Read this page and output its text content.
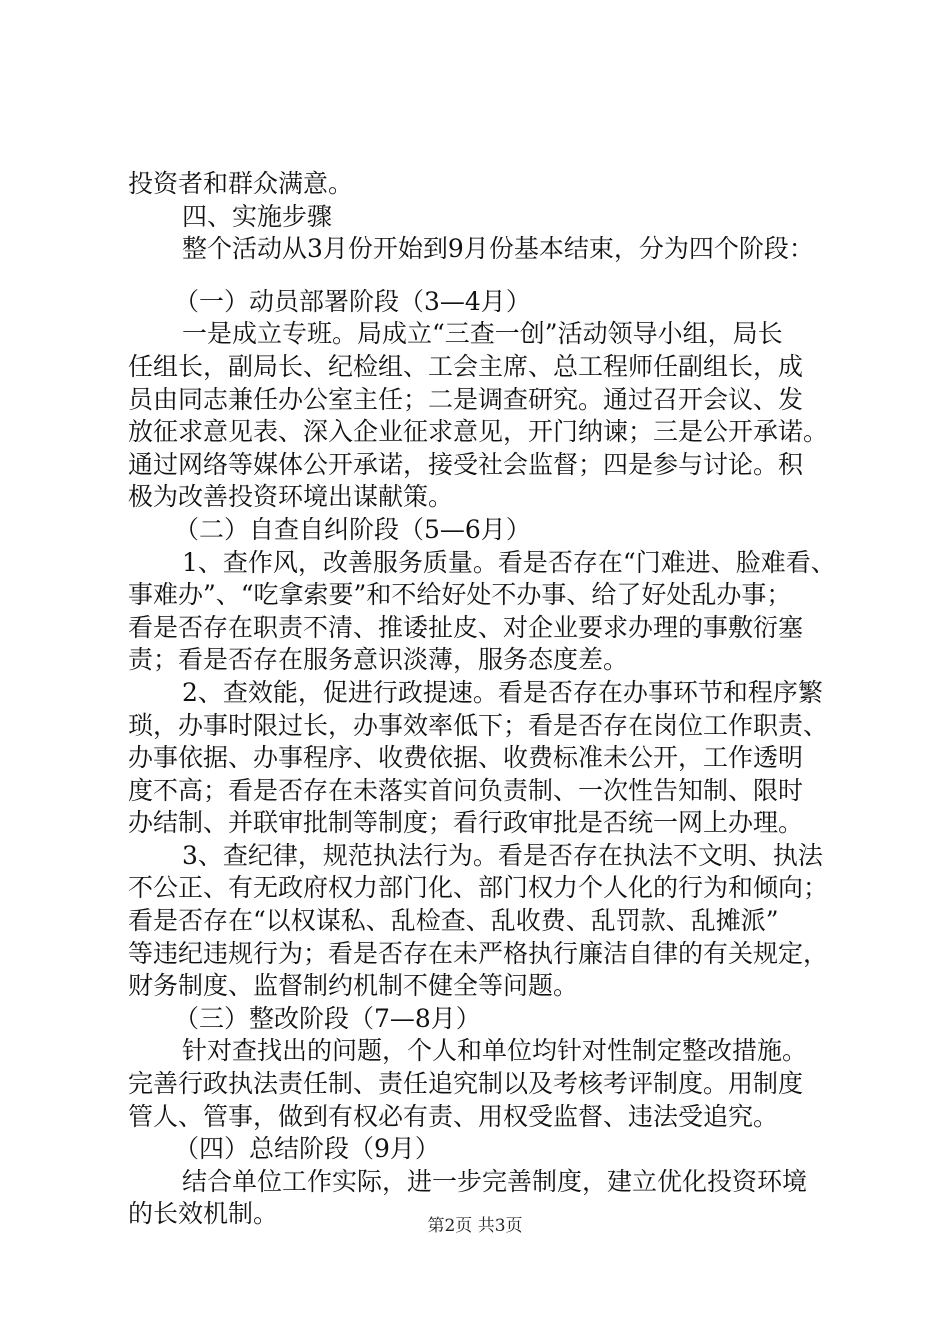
投资者和群众满意。
四、实施步骤
整个活动从3月份开始到9月份基本结束，分为四个阶段：
（一）动员部署阶段（3—4月）
一是成立专班。局成立“三查一创”活动领导小组，局长
任组长，副局长、纪检组、工会主席、总工程师任副组长，成
员由同志兼任办公室主任；二是调查研究。通过召开会议、发
放征求意见表、深入企业征求意见，开门纳谏；三是公开承诺。
通过网络等媒体公开承诺，接受社会监督；四是参与讨论。积
极为改善投资环境出谋献策。
（二）自查自纠阶段（5—6月）
1、查作风，改善服务质量。看是否存在“门难进、脸难看、
事难办”、“吃拿索要”和不给好处不办事、给了好处乱办事；
看是否存在职责不清、推诿扯皮、对企业要求办理的事敷衍塞
责；看是否存在服务意识淡薄，服务态度差。
2、查效能，促进行政提速。看是否存在办事环节和程序繁
琐，办事时限过长，办事效率低下；看是否存在岗位工作职责、
办事依据、办事程序、收费依据、收费标准未公开，工作透明
度不高；看是否存在未落实首问负责制、一次性告知制、限时
办结制、并联审批制等制度；看行政审批是否统一网上办理。
3、查纪律，规范执法行为。看是否存在执法不文明、执法
不公正、有无政府权力部门化、部门权力个人化的行为和倾向；
看是否存在“以权谋私、乱检查、乱收费、乱罚款、乱摊派”
等违纪违规行为；看是否存在未严格执行廉洁自律的有关规定，
财务制度、监督制约机制不健全等问题。
（三）整改阶段（7—8月）
针对查找出的问题，个人和单位均针对性制定整改措施。
完善行政执法责任制、责任追究制以及考核考评制度。用制度
管人、管事，做到有权必有责、用权受监督、违法受追究。
（四）总结阶段（9月）
结合单位工作实际，进一步完善制度，建立优化投资环境
的长效机制。	第2页 共3页
